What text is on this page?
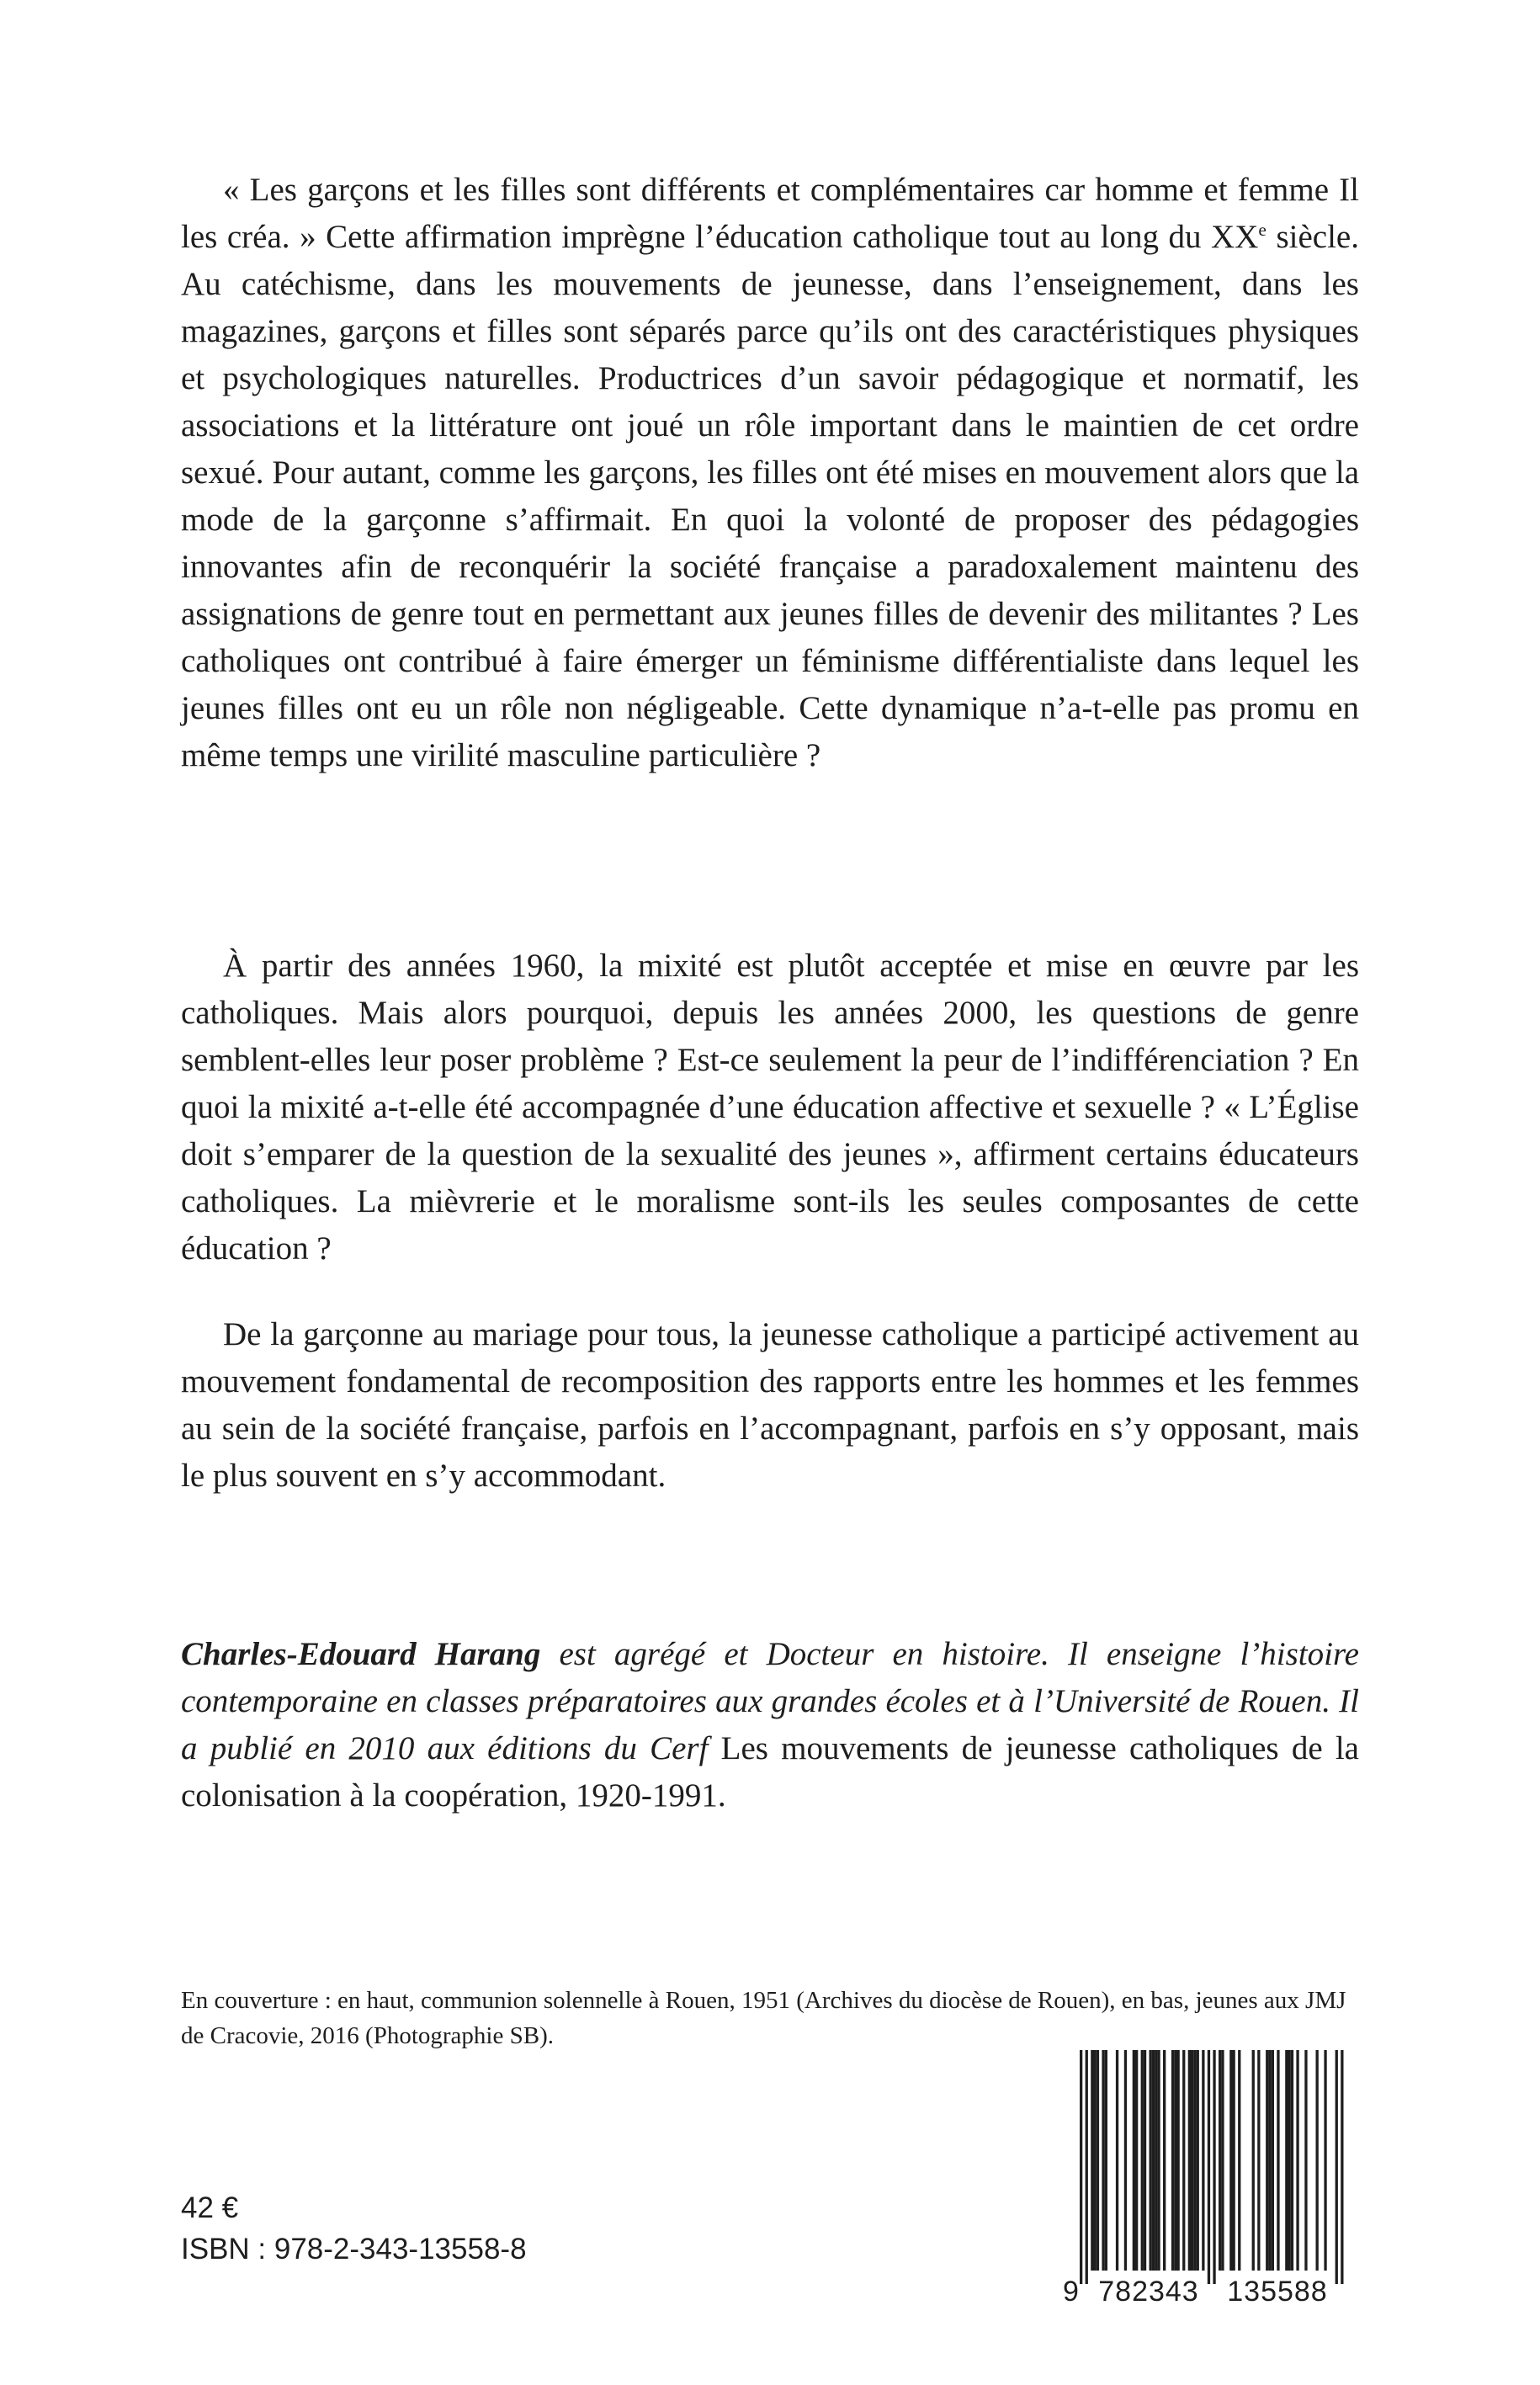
« Les garçons et les filles sont différents et complémentaires car homme et femme Il les créa. » Cette affirmation imprègne l’éducation catholique tout au long du XXe siècle. Au catéchisme, dans les mouvements de jeunesse, dans l’enseignement, dans les magazines, garçons et filles sont séparés parce qu’ils ont des caractéristiques physiques et psychologiques naturelles. Productrices d’un savoir pédagogique et normatif, les associations et la littérature ont joué un rôle important dans le maintien de cet ordre sexué. Pour autant, comme les garçons, les filles ont été mises en mouvement alors que la mode de la garçonne s’affirmait. En quoi la volonté de proposer des pédagogies innovantes afin de reconquérir la société française a paradoxalement maintenu des assignations de genre tout en permettant aux jeunes filles de devenir des militantes ? Les catholiques ont contribué à faire émerger un féminisme différentialiste dans lequel les jeunes filles ont eu un rôle non négligeable. Cette dynamique n’a-t-elle pas promu en même temps une virilité masculine particulière ?

À partir des années 1960, la mixité est plutôt acceptée et mise en œuvre par les catholiques. Mais alors pourquoi, depuis les années 2000, les questions de genre semblent-elles leur poser problème ? Est-ce seulement la peur de l’indifférenciation ? En quoi la mixité a-t-elle été accompagnée d’une éducation affective et sexuelle ? « L’Église doit s’emparer de la question de la sexualité des jeunes », affirment certains éducateurs catholiques. La mièvrerie et le moralisme sont-ils les seules composantes de cette éducation ?

De la garçonne au mariage pour tous, la jeunesse catholique a participé activement au mouvement fondamental de recomposition des rapports entre les hommes et les femmes au sein de la société française, parfois en l’accompagnant, parfois en s’y opposant, mais le plus souvent en s’y accommodant.

Charles-Edouard Harang est agrégé et Docteur en histoire. Il enseigne l’histoire contemporaine en classes préparatoires aux grandes écoles et à l’Université de Rouen. Il a publié en 2010 aux éditions du Cerf Les mouvements de jeunesse catholiques de la colonisation à la coopération, 1920-1991.

En couverture : en haut, communion solennelle à Rouen, 1951 (Archives du diocèse de Rouen), en bas, jeunes aux JMJ de Cracovie, 2016 (Photographie SB).

42 €

ISBN : 978-2-343-13558-8

9 782343 135588
